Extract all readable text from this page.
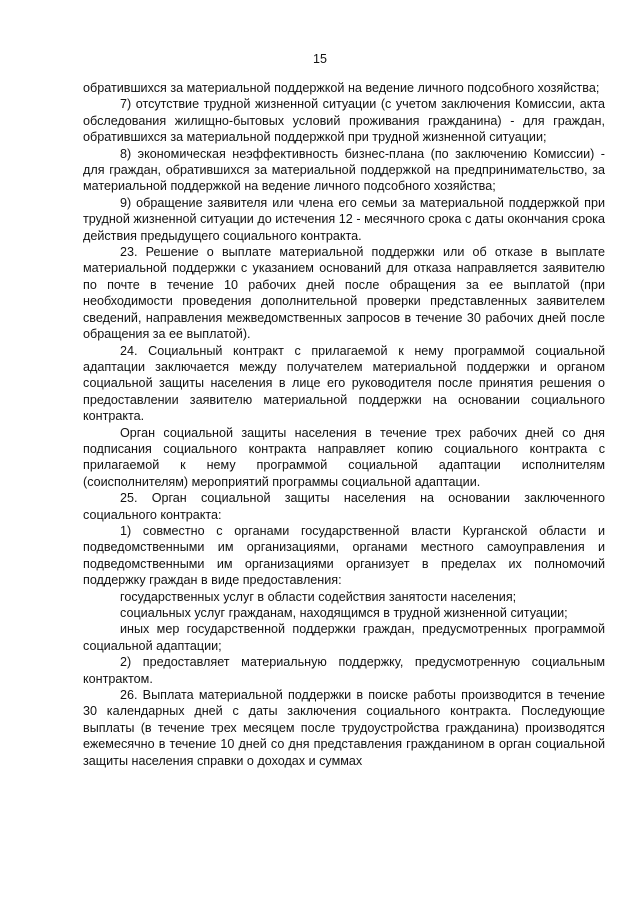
15

обратившихся за материальной поддержкой на ведение личного подсобного хозяйства;

7) отсутствие трудной жизненной ситуации (с учетом заключения Комиссии, акта обследования жилищно-бытовых условий проживания гражданина) - для граждан, обратившихся за материальной поддержкой при трудной жизненной ситуации;

8) экономическая неэффективность бизнес-плана (по заключению Комиссии) - для граждан, обратившихся за материальной поддержкой на предпринимательство, за материальной поддержкой на ведение личного подсобного хозяйства;

9) обращение заявителя или члена его семьи за материальной поддержкой при трудной жизненной ситуации до истечения 12 - месячного срока с даты окончания срока действия предыдущего социального контракта.

23. Решение о выплате материальной поддержки или об отказе в выплате материальной поддержки с указанием оснований для отказа направляется заявителю по почте в течение 10 рабочих дней после обращения за ее выплатой (при необходимости проведения дополнительной проверки представленных заявителем сведений, направления межведомственных запросов в течение 30 рабочих дней после обращения за ее выплатой).

24. Социальный контракт с прилагаемой к нему программой социальной адаптации заключается между получателем материальной поддержки и органом социальной защиты населения в лице его руководителя после принятия решения о предоставлении заявителю материальной поддержки на основании социального контракта.

Орган социальной защиты населения в течение трех рабочих дней со дня подписания социального контракта направляет копию социального контракта с прилагаемой к нему программой социальной адаптации исполнителям (соисполнителям) мероприятий программы социальной адаптации.

25. Орган социальной защиты населения на основании заключенного социального контракта:

1) совместно с органами государственной власти Курганской области и подведомственными им организациями, органами местного самоуправления и подведомственными им организациями организует в пределах их полномочий поддержку граждан в виде предоставления:

государственных услуг в области содействия занятости населения;

социальных услуг гражданам, находящимся в трудной жизненной ситуации;

иных мер государственной поддержки граждан, предусмотренных программой социальной адаптации;

2) предоставляет материальную поддержку, предусмотренную социальным контрактом.

26. Выплата материальной поддержки в поиске работы производится в течение 30 календарных дней с даты заключения социального контракта. Последующие выплаты (в течение трех месяцем после трудоустройства гражданина) производятся ежемесячно в течение 10 дней со дня представления гражданином в орган социальной защиты населения справки о доходах и суммах
